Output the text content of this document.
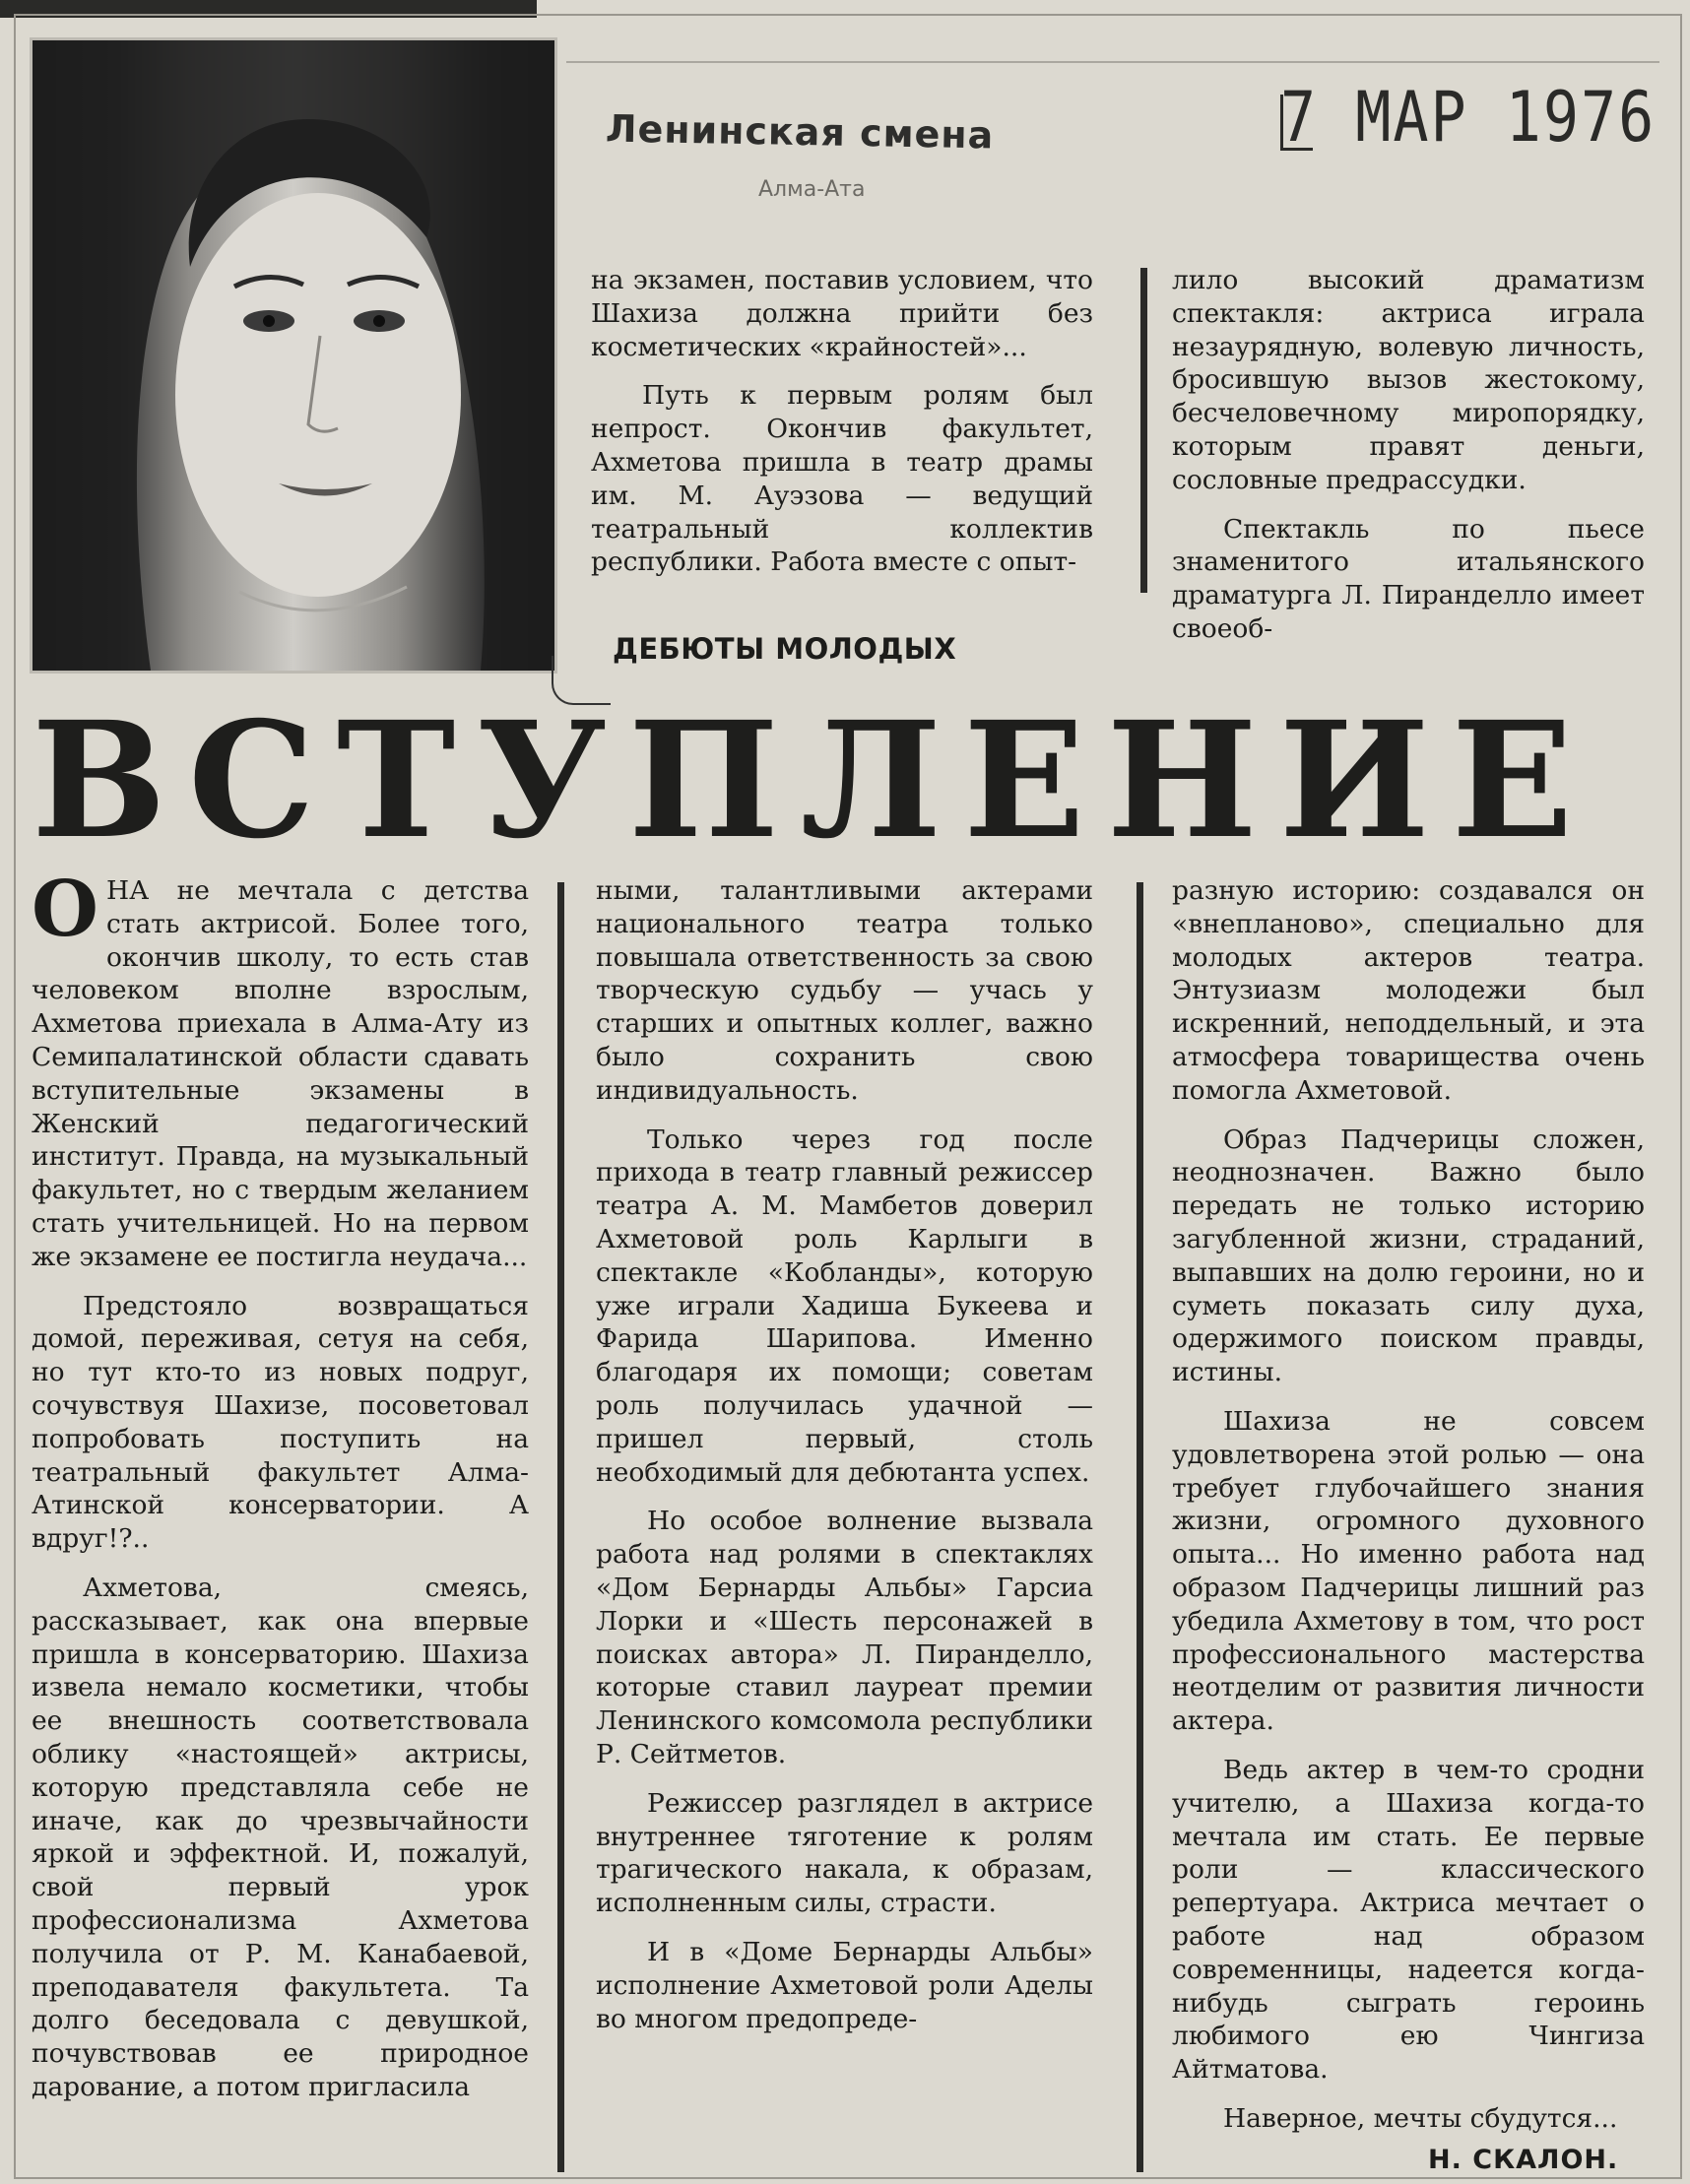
Ленинская смена
Алма-Ата
7 МАР 1976

на экзамен, поставив условием, что Шахиза должна прийти без косметических «крайностей»...

Путь к первым ролям был непрост. Окончив факультет, Ахметова пришла в театр драмы им. М. Ауэзова — ведущий театральный коллектив республики. Работа вместе с опыт-

лило высокий драматизм спектакля: актриса играла незаурядную, волевую личность, бросившую вызов жестокому, бесчеловечному миропорядку, которым правят деньги, сословные предрассудки.

Спектакль по пьесе знаменитого итальянского драматурга Л. Пиранделло имеет своеоб-

ДЕБЮТЫ МОЛОДЫХ
ВСТУПЛЕНИЕ

ОНА не мечтала с детства стать актрисой. Более того, окончив школу, то есть став человеком вполне взрослым, Ахметова приехала в Алма-Ату из Семипалатинской области сдавать вступительные экзамены в Женский педагогический институт. Правда, на музыкальный факультет, но с твердым желанием стать учительницей. Но на первом же экзамене ее постигла неудача...

Предстояло возвращаться домой, переживая, сетуя на себя, но тут кто-то из новых подруг, сочувствуя Шахизе, посоветовал попробовать поступить на театральный факультет Алма-Атинской консерватории. А вдруг!?..

Ахметова, смеясь, рассказывает, как она впервые пришла в консерваторию. Шахиза извела немало косметики, чтобы ее внешность соответствовала облику «настоящей» актрисы, которую представляла себе не иначе, как до чрезвычайности яркой и эффектной. И, пожалуй, свой первый урок профессионализма Ахметова получила от Р. М. Канабаевой, преподавателя факультета. Та долго беседовала с девушкой, почувствовав ее природное дарование, а потом пригласила

ными, талантливыми актерами национального театра только повышала ответственность за свою творческую судьбу — учась у старших и опытных коллег, важно было сохранить свою индивидуальность.

Только через год после прихода в театр главный режиссер театра А. М. Мамбетов доверил Ахметовой роль Карлыги в спектакле «Кобланды», которую уже играли Хадиша Букеева и Фарида Шарипова. Именно благодаря их помощи; советам роль получилась удачной — пришел первый, столь необходимый для дебютанта успех.

Но особое волнение вызвала работа над ролями в спектаклях «Дом Бернарды Альбы» Гарсиа Лорки и «Шесть персонажей в поисках автора» Л. Пиранделло, которые ставил лауреат премии Ленинского комсомола республики Р. Сейтметов.

Режиссер разглядел в актрисе внутреннее тяготение к ролям трагического накала, к образам, исполненным силы, страсти.

И в «Доме Бернарды Альбы» исполнение Ахметовой роли Аделы во многом предопреде-

разную историю: создавался он «внепланово», специально для молодых актеров театра. Энтузиазм молодежи был искренний, неподдельный, и эта атмосфера товарищества очень помогла Ахметовой.

Образ Падчерицы сложен, неоднозначен. Важно было передать не только историю загубленной жизни, страданий, выпавших на долю героини, но и суметь показать силу духа, одержимого поиском правды, истины.

Шахиза не совсем удовлетворена этой ролью — она требует глубочайшего знания жизни, огромного духовного опыта... Но именно работа над образом Падчерицы лишний раз убедила Ахметову в том, что рост профессионального мастерства неотделим от развития личности актера.

Ведь актер в чем-то сродни учителю, а Шахиза когда-то мечтала им стать. Ее первые роли — классического репертуара. Актриса мечтает о работе над образом современницы, надеется когда-нибудь сыграть героинь любимого ею Чингиза Айтматова.

Наверное, мечты сбудутся...

Н. СКАЛОН.
